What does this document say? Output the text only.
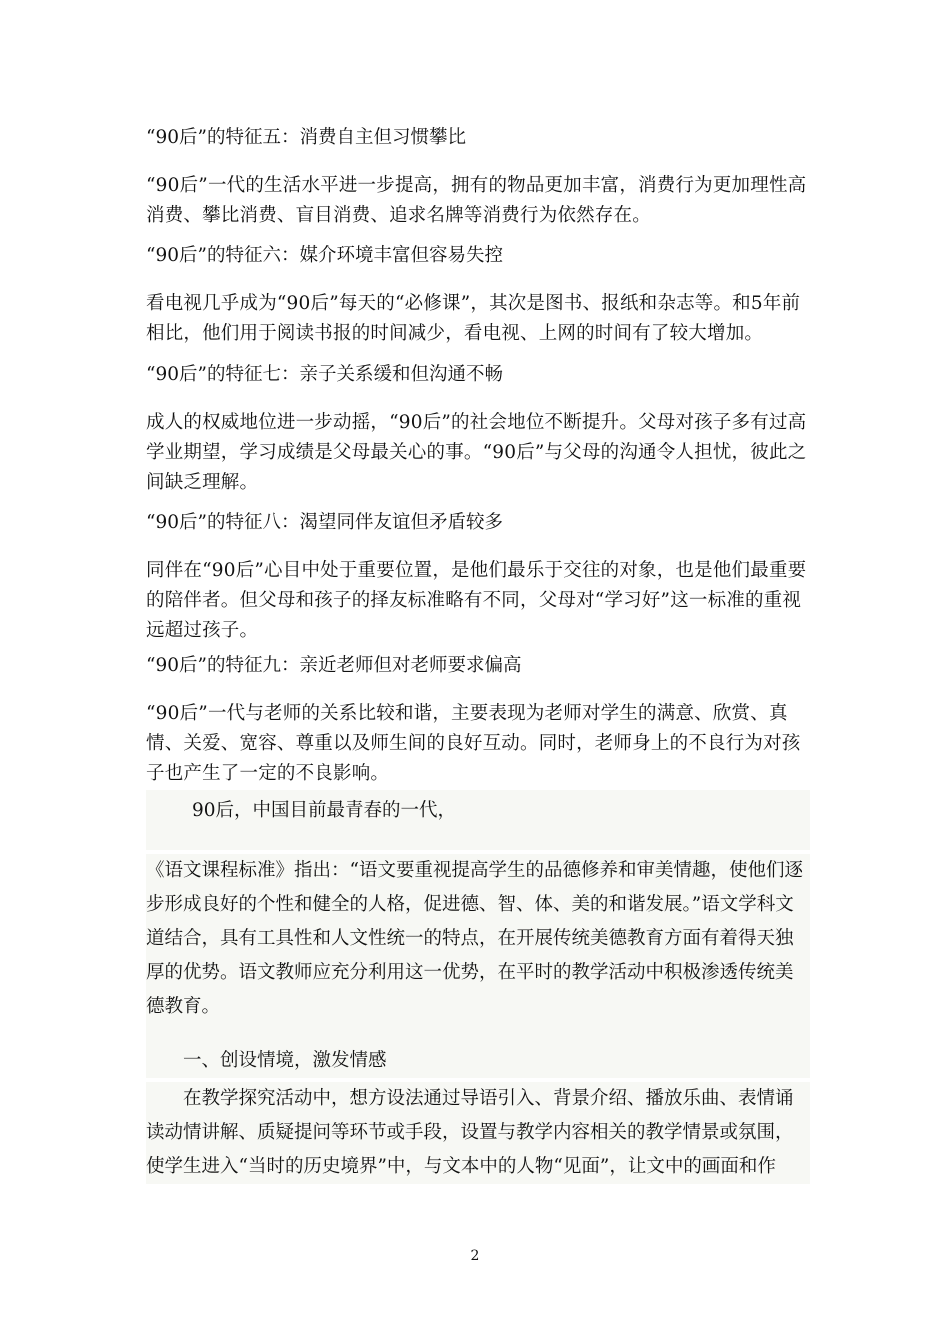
“90后”的特征五：消费自主但习惯攀比
“90后”一代的生活水平进一步提高，拥有的物品更加丰富，消费行为更加理性高消费、攀比消费、盲目消费、追求名牌等消费行为依然存在。
“90后”的特征六：媒介环境丰富但容易失控
看电视几乎成为“90后”每天的“必修课”，其次是图书、报纸和杂志等。和5年前相比，他们用于阅读书报的时间减少，看电视、上网的时间有了较大增加。
“90后”的特征七：亲子关系缓和但沟通不畅
成人的权威地位进一步动摇，“90后”的社会地位不断提升。父母对孩子多有过高学业期望，学习成绩是父母最关心的事。“90后”与父母的沟通令人担忧，彼此之间缺乏理解。
“90后”的特征八：渴望同伴友谊但矛盾较多
同伴在“90后”心目中处于重要位置，是他们最乐于交往的对象，也是他们最重要的陪伴者。但父母和孩子的择友标准略有不同，父母对“学习好”这一标准的重视远超过孩子。
“90后”的特征九：亲近老师但对老师要求偏高
“90后”一代与老师的关系比较和谐，主要表现为老师对学生的满意、欣赏、真情、关爱、宽容、尊重以及师生间的良好互动。同时，老师身上的不良行为对孩子也产生了一定的不良影响。
90后，中国目前最青春的一代，
《语文课程标准》指出：“语文要重视提高学生的品德修养和审美情趣，使他们逐步形成良好的个性和健全的人格，促进德、智、体、美的和谐发展。”语文学科文道结合，具有工具性和人文性统一的特点，在开展传统美德教育方面有着得天独厚的优势。语文教师应充分利用这一优势，在平时的教学活动中积极渗透传统美德教育。
一、创设情境，激发情感
在教学探究活动中，想方设法通过导语引入、背景介绍、播放乐曲、表情诵读动情讲解、质疑提问等环节或手段，设置与教学内容相关的教学情景或氛围，使学生进入“当时的历史境界”中，与文本中的人物“见面”，让文中的画面和作
2
